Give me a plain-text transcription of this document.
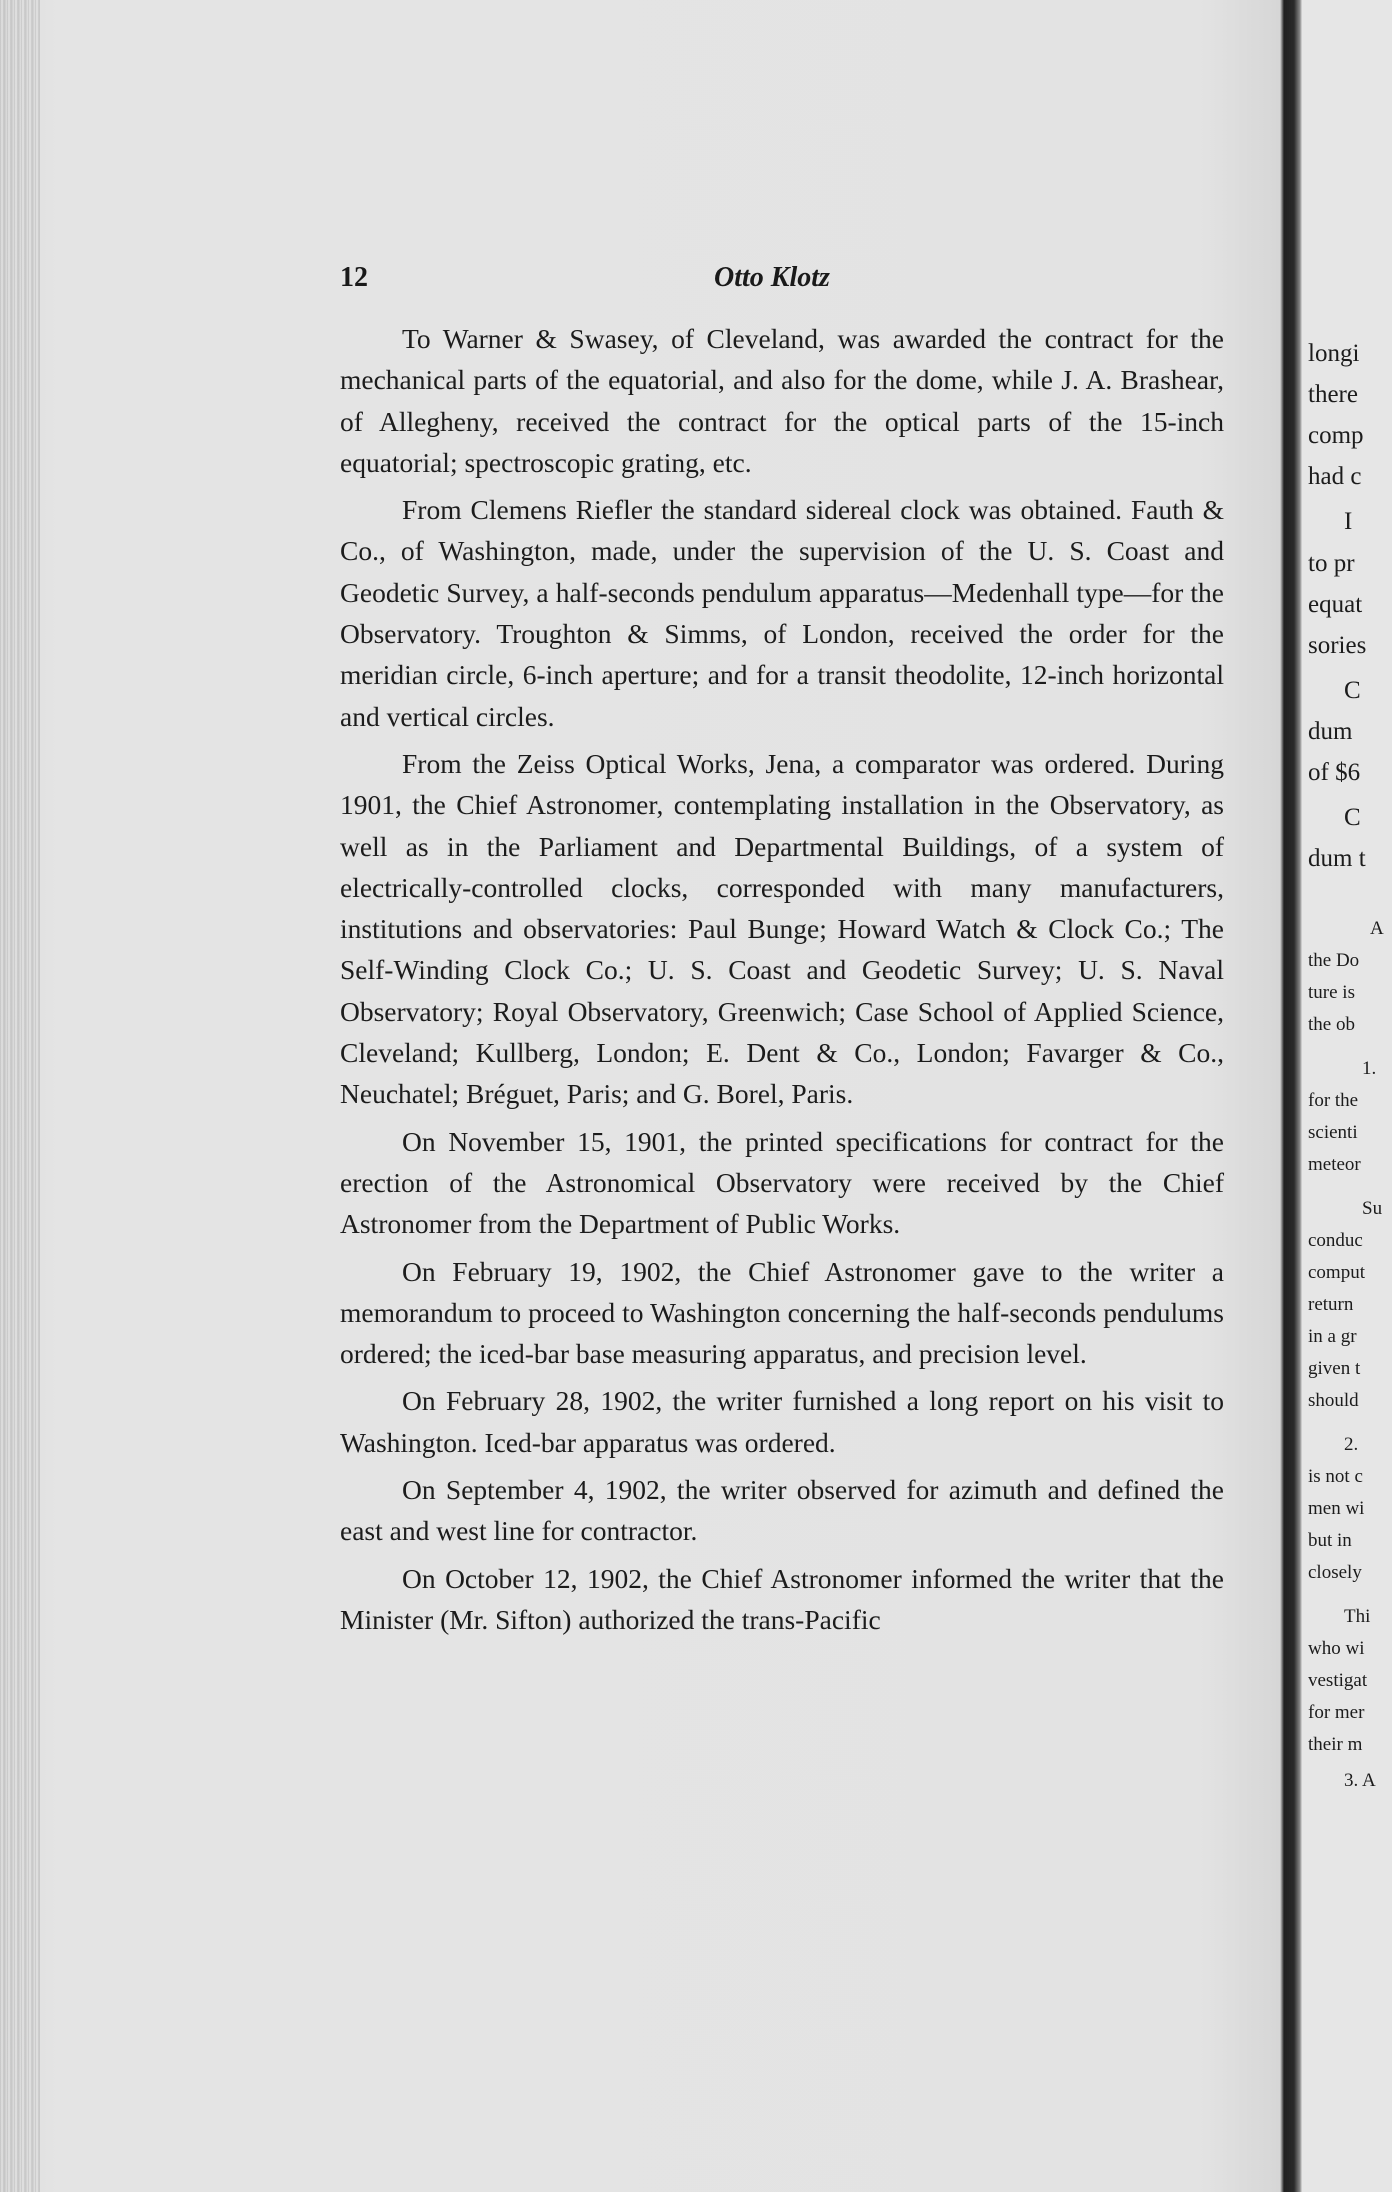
12	Otto Klotz

To Warner & Swasey, of Cleveland, was awarded the contract for the mechanical parts of the equatorial, and also for the dome, while J. A. Brashear, of Allegheny, received the contract for the optical parts of the 15-inch equatorial; spectroscopic grating, etc.

From Clemens Riefler the standard sidereal clock was obtained. Fauth & Co., of Washington, made, under the supervision of the U. S. Coast and Geodetic Survey, a half-seconds pendulum apparatus—Medenhall type—for the Observatory. Troughton & Simms, of London, received the order for the meridian circle, 6-inch aperture; and for a transit theodolite, 12-inch horizontal and vertical circles.

From the Zeiss Optical Works, Jena, a comparator was ordered. During 1901, the Chief Astronomer, contemplating installation in the Observatory, as well as in the Parliament and Departmental Buildings, of a system of electrically-controlled clocks, corresponded with many manufacturers, institutions and observatories: Paul Bunge; Howard Watch & Clock Co.; The Self-Winding Clock Co.; U. S. Coast and Geodetic Survey; U. S. Naval Observatory; Royal Observatory, Greenwich; Case School of Applied Science, Cleveland; Kullberg, London; E. Dent & Co., London; Favarger & Co., Neuchatel; Bréguet, Paris; and G. Borel, Paris.

On November 15, 1901, the printed specifications for contract for the erection of the Astronomical Observatory were received by the Chief Astronomer from the Department of Public Works.

On February 19, 1902, the Chief Astronomer gave to the writer a memorandum to proceed to Washington concerning the half-seconds pendulums ordered; the iced-bar base measuring apparatus, and precision level.

On February 28, 1902, the writer furnished a long report on his visit to Washington. Iced-bar apparatus was ordered.

On September 4, 1902, the writer observed for azimuth and defined the east and west line for contractor.

On October 12, 1902, the Chief Astronomer informed the writer that the Minister (Mr. Sifton) authorized the trans-Pacific

longi
there
comp
had c
I
to pr
equat
sories
C
dum
of $6
C
dum t
A
the Do
ture is
the ob
1.
for the
scienti
meteor
Su
conduc
comput
return
in a gr
given t
should
2.
is not c
men wi
but in
closely
Thi
who wi
vestigat
for mer
their m
3. A
